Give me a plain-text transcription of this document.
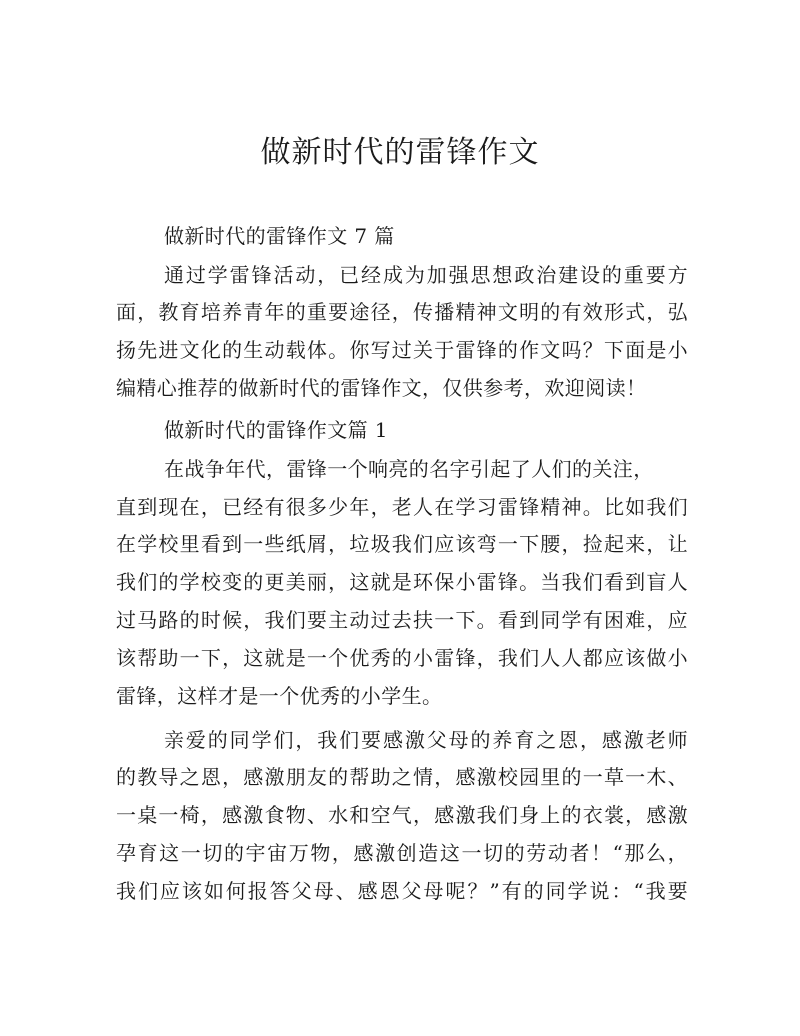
做新时代的雷锋作文
做新时代的雷锋作文 7 篇
通过学雷锋活动，已经成为加强思想政治建设的重要方
面，教育培养青年的重要途径，传播精神文明的有效形式，弘
扬先进文化的生动载体。你写过关于雷锋的作文吗？下面是小
编精心推荐的做新时代的雷锋作文，仅供参考，欢迎阅读！
做新时代的雷锋作文篇 1
在战争年代，雷锋一个响亮的名字引起了人们的关注，
直到现在，已经有很多少年，老人在学习雷锋精神。比如我们
在学校里看到一些纸屑，垃圾我们应该弯一下腰，捡起来，让
我们的学校变的更美丽，这就是环保小雷锋。当我们看到盲人
过马路的时候，我们要主动过去扶一下。看到同学有困难，应
该帮助一下，这就是一个优秀的小雷锋，我们人人都应该做小
雷锋，这样才是一个优秀的小学生。
亲爱的同学们，我们要感激父母的养育之恩，感激老师
的教导之恩，感激朋友的帮助之情，感激校园里的一草一木、
一桌一椅，感激食物、水和空气，感激我们身上的衣裳，感激
孕育这一切的宇宙万物，感激创造这一切的劳动者！“那么，
我们应该如何报答父母、感恩父母呢？”有的同学说：“我要
